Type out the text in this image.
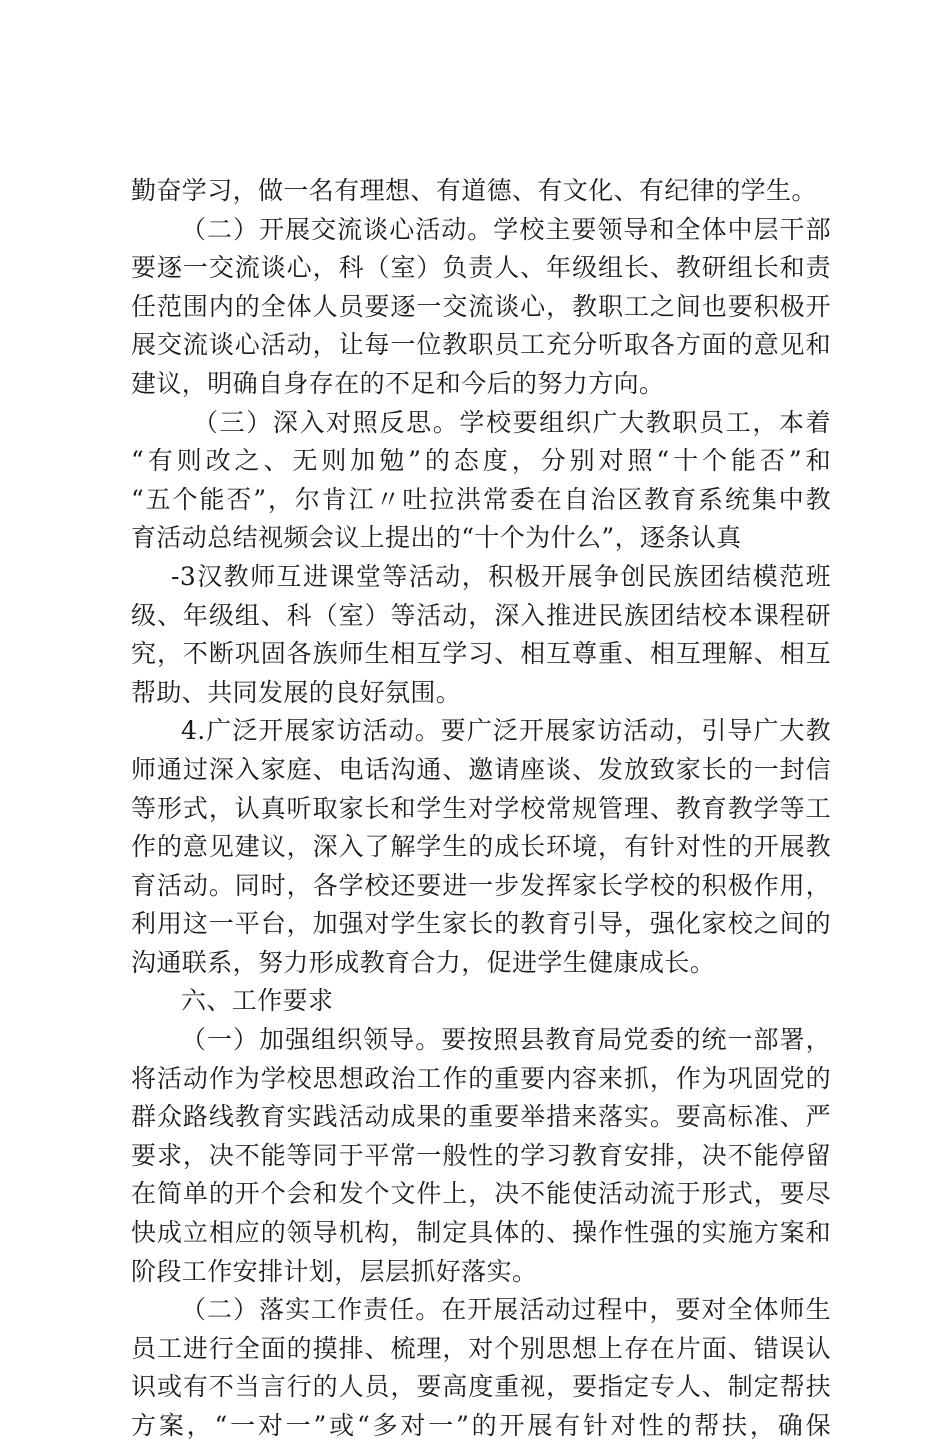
勤奋学习，做一名有理想、有道德、有文化、有纪律的学生。
（二）开展交流谈心活动。学校主要领导和全体中层干部
要逐一交流谈心，科（室）负责人、年级组长、教研组长和责
任范围内的全体人员要逐一交流谈心，教职工之间也要积极开
展交流谈心活动，让每一位教职员工充分听取各方面的意见和
建议，明确自身存在的不足和今后的努力方向。
（三）深入对照反思。学校要组织广大教职员工，本着
“有则改之、无则加勉”的态度，分别对照“十个能否”和
“五个能否”，尔肯江〃吐拉洪常委在自治区教育系统集中教
育活动总结视频会议上提出的“十个为什么”，逐条认真
-3汉教师互进课堂等活动，积极开展争创民族团结模范班
级、年级组、科（室）等活动，深入推进民族团结校本课程研
究，不断巩固各族师生相互学习、相互尊重、相互理解、相互
帮助、共同发展的良好氛围。
4.广泛开展家访活动。要广泛开展家访活动，引导广大教
师通过深入家庭、电话沟通、邀请座谈、发放致家长的一封信
等形式，认真听取家长和学生对学校常规管理、教育教学等工
作的意见建议，深入了解学生的成长环境，有针对性的开展教
育活动。同时，各学校还要进一步发挥家长学校的积极作用，
利用这一平台，加强对学生家长的教育引导，强化家校之间的
沟通联系，努力形成教育合力，促进学生健康成长。
六、工作要求
（一）加强组织领导。要按照县教育局党委的统一部署，
将活动作为学校思想政治工作的重要内容来抓，作为巩固党的
群众路线教育实践活动成果的重要举措来落实。要高标准、严
要求，决不能等同于平常一般性的学习教育安排，决不能停留
在简单的开个会和发个文件上，决不能使活动流于形式，要尽
快成立相应的领导机构，制定具体的、操作性强的实施方案和
阶段工作安排计划，层层抓好落实。
（二）落实工作责任。在开展活动过程中，要对全体师生
员工进行全面的摸排、梳理，对个别思想上存在片面、错误认
识或有不当言行的人员，要高度重视，要指定专人、制定帮扶
方案，“一对一”或“多对一”的开展有针对性的帮扶，确保
